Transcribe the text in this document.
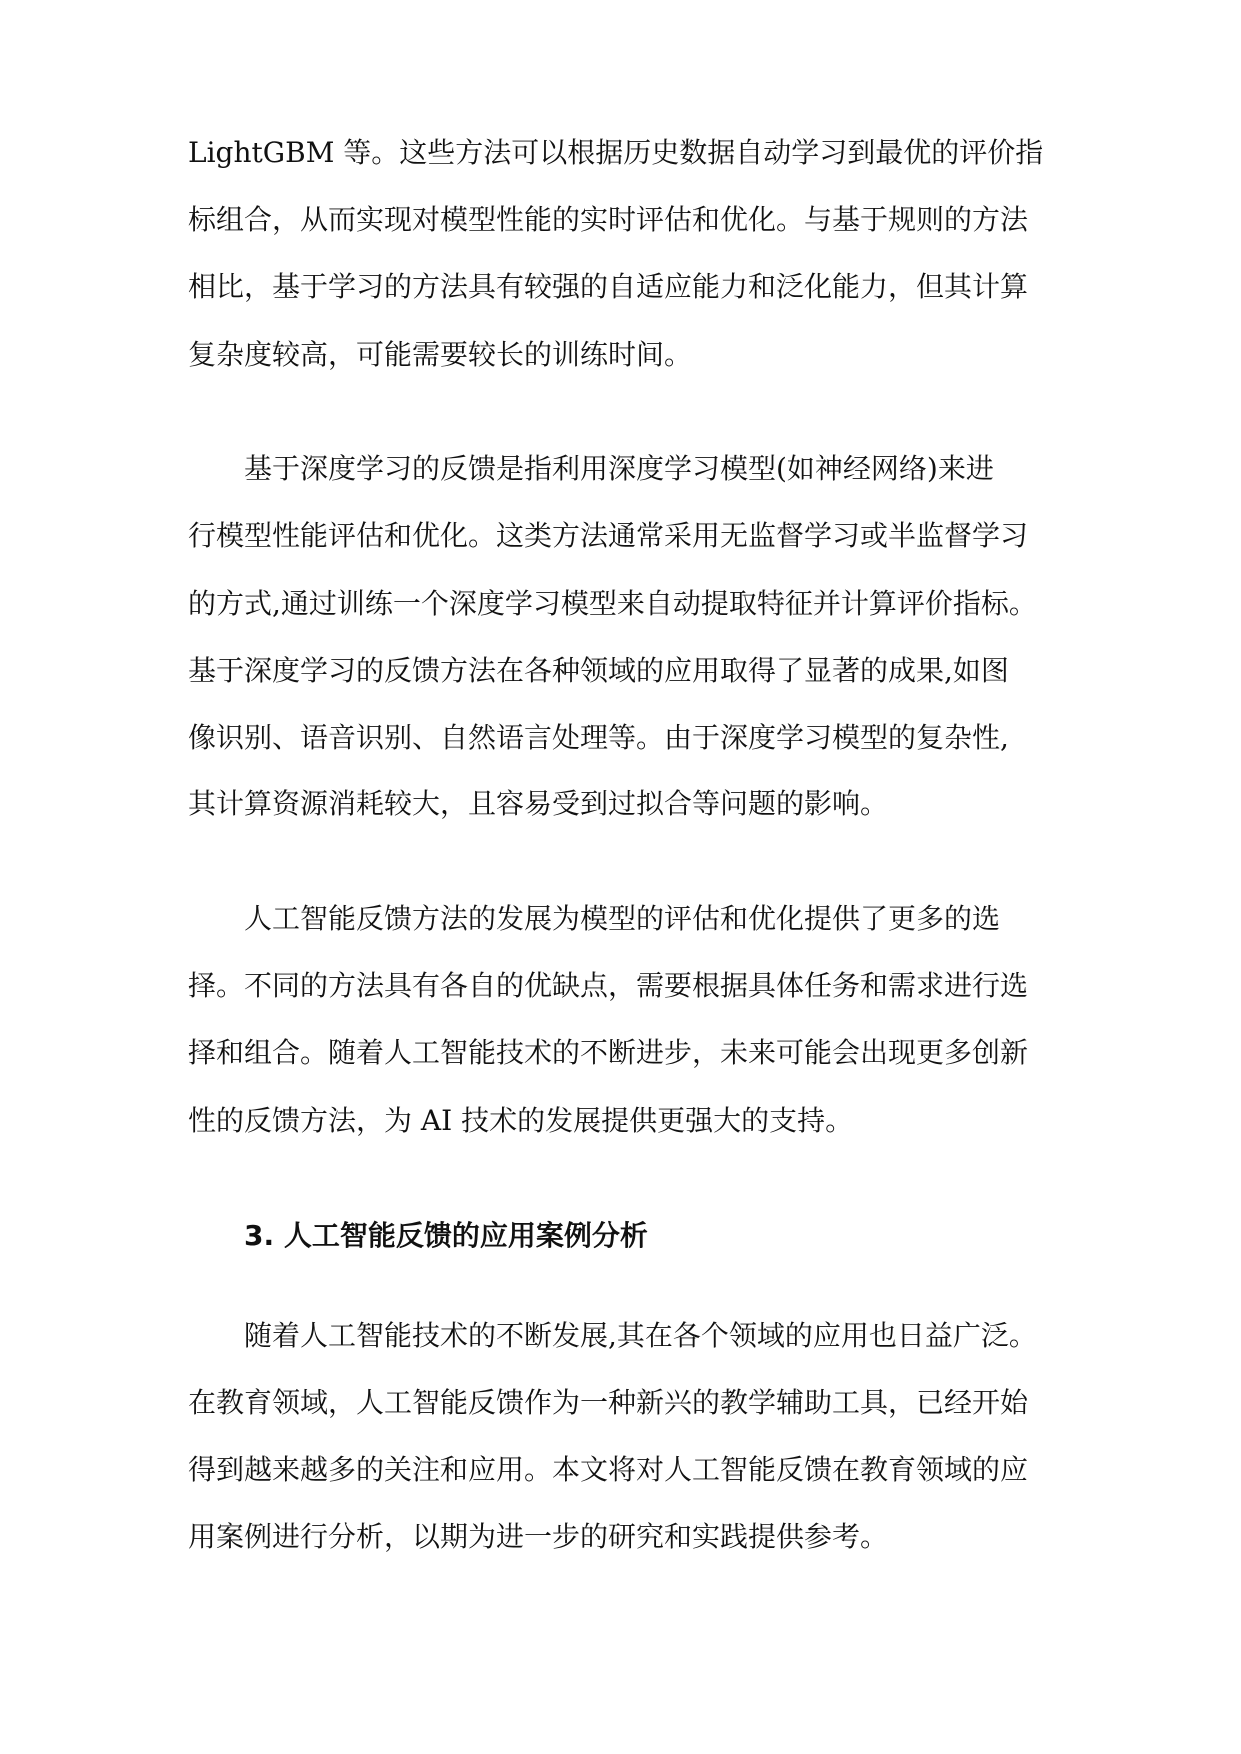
LightGBM 等。这些方法可以根据历史数据自动学习到最优的评价指

标组合，从而实现对模型性能的实时评估和优化。与基于规则的方法

相比，基于学习的方法具有较强的自适应能力和泛化能力，但其计算

复杂度较高，可能需要较长的训练时间。

基于深度学习的反馈是指利用深度学习模型(如神经网络)来进

行模型性能评估和优化。这类方法通常采用无监督学习或半监督学习

的方式,通过训练一个深度学习模型来自动提取特征并计算评价指标。

基于深度学习的反馈方法在各种领域的应用取得了显著的成果,如图

像识别、语音识别、自然语言处理等。由于深度学习模型的复杂性,

其计算资源消耗较大，且容易受到过拟合等问题的影响。

人工智能反馈方法的发展为模型的评估和优化提供了更多的选

择。不同的方法具有各自的优缺点，需要根据具体任务和需求进行选

择和组合。随着人工智能技术的不断进步，未来可能会出现更多创新

性的反馈方法，为 AI 技术的发展提供更强大的支持。

3. 人工智能反馈的应用案例分析

随着人工智能技术的不断发展,其在各个领域的应用也日益广泛。

在教育领域，人工智能反馈作为一种新兴的教学辅助工具，已经开始

得到越来越多的关注和应用。本文将对人工智能反馈在教育领域的应

用案例进行分析，以期为进一步的研究和实践提供参考。
